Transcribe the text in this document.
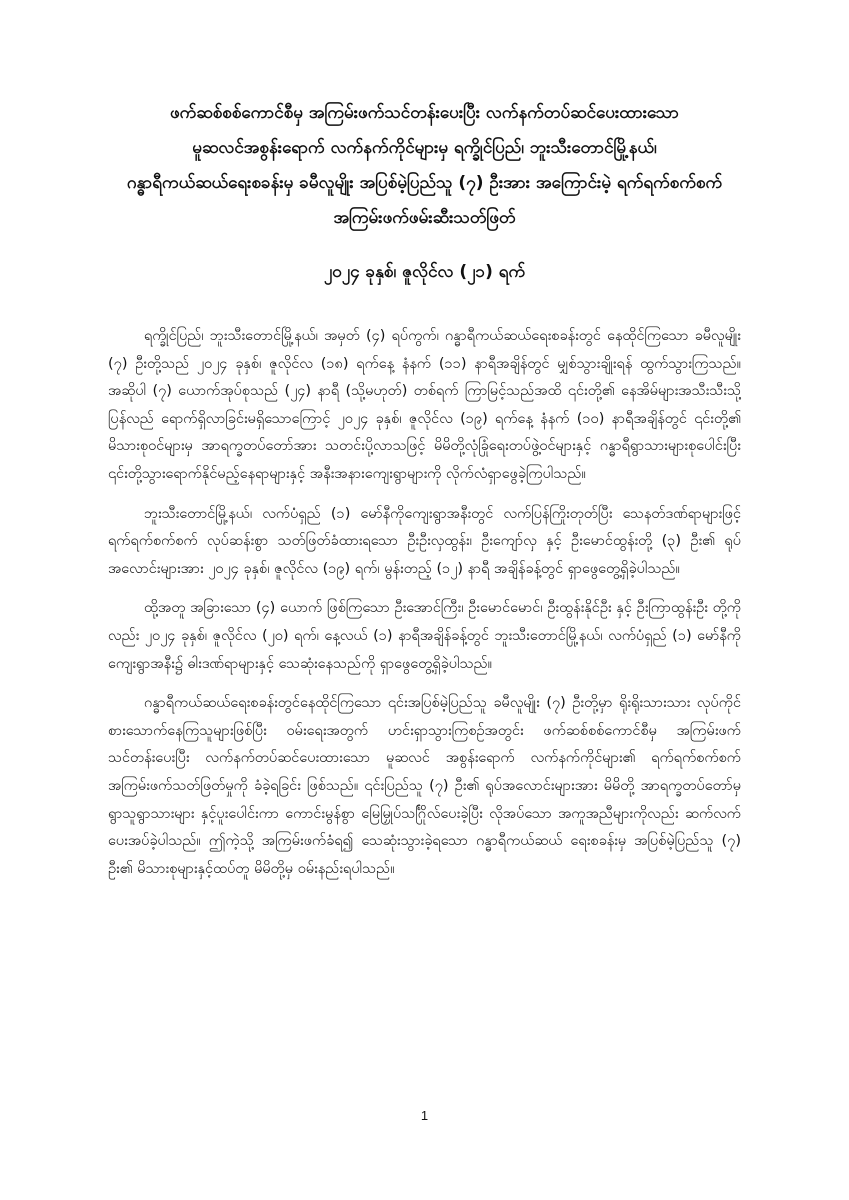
ဖက်ဆစ်စစ်ကောင်စီမှ အကြမ်းဖက်သင်တန်းပေးပြီး လက်နက်တပ်ဆင်ပေးထားသော
မူဆလင်အစွန်းရောက် လက်နက်ကိုင်များမှ ရက္ခိုင်ပြည်၊ ဘူးသီးတောင်မြို့နယ်၊
ဂန္ဓာရီကယ်ဆယ်ရေးစခန်းမှ ခမီလူမျိုး အပြစ်မဲ့ပြည်သူ (၇) ဦးအား အကြောင်းမဲ့ ရက်ရက်စက်စက်
အကြမ်းဖက်ဖမ်းဆီးသတ်ဖြတ်
၂၀၂၄ ခုနှစ်၊ ဇူလိုင်လ (၂၁) ရက်

ရက္ခိုင်ပြည်၊ ဘူးသီးတောင်မြို့နယ်၊ အမှတ် (၄) ရပ်ကွက်၊ ဂန္ဓာရီကယ်ဆယ်ရေးစခန်းတွင် နေထိုင်ကြသော ခမီလူမျိုး (၇) ဦးတို့သည် ၂၀၂၄ ခုနှစ်၊ ဇူလိုင်လ (၁၈) ရက်နေ့ နံနက် (၁၁) နာရီအချိန်တွင် မျှစ်သွားချိုးရန် ထွက်သွားကြသည်။ အဆိုပါ (၇) ယောက်အုပ်စုသည် (၂၄) နာရီ (သို့မဟုတ်) တစ်ရက် ကြာမြင့်သည်အထိ ၎င်းတို့၏ နေအိမ်များအသီးသီးသို့ ပြန်လည် ရောက်ရှိလာခြင်းမရှိသောကြောင့် ၂၀၂၄ ခုနှစ်၊ ဇူလိုင်လ (၁၉) ရက်နေ့ နံနက် (၁၀) နာရီအချိန်တွင် ၎င်းတို့၏ မိသားစုဝင်များမှ အာရက္ခတပ်တော်အား သတင်းပို့လာသဖြင့် မိမိတို့လုံခြုံရေးတပ်ဖွဲ့ဝင်များနှင့် ဂန္ဓာရီရွာသားများစုပေါင်းပြီး ၎င်းတို့သွားရောက်နိုင်မည့်နေရာများနှင့် အနီးအနားကျေးရွာများကို လိုက်လံရှာဖွေခဲ့ကြပါသည်။

ဘူးသီးတောင်မြို့နယ်၊ လက်ပံရှည် (၁) မော်နီကိုကျေးရွာအနီးတွင် လက်ပြန်ကြိုးတုတ်ပြီး သေနတ်ဒဏ်ရာများဖြင့် ရက်ရက်စက်စက် လုပ်ဆန်းစွာ သတ်ဖြတ်ခံထားရသော ဦးဦးလှထွန်း၊ ဦးကျော်လှ နှင့် ဦးမောင်ထွန်းတို့ (၃) ဦး၏ ရုပ်အလောင်းများအား ၂၀၂၄ ခုနှစ်၊ ဇူလိုင်လ (၁၉) ရက်၊ မွန်းတည့် (၁၂) နာရီ အချိန်ခန့်တွင် ရှာဖွေတွေ့ရှိခဲ့ပါသည်။

ထို့အတူ အခြားသော (၄) ယောက် ဖြစ်ကြသော ဦးအောင်ကြီး၊ ဦးမောင်မောင်၊ ဦးထွန်းနိုင်ဦး နှင့် ဦးကြာထွန်းဦး တို့ကိုလည်း ၂၀၂၄ ခုနှစ်၊ ဇူလိုင်လ (၂၀) ရက်၊ နေ့လယ် (၁) နာရီအချိန်ခန့်တွင် ဘူးသီးတောင်မြို့နယ်၊ လက်ပံရှည် (၁) မော်နီကိုကျေးရွာအနီး၌ ဓါးဒဏ်ရာများနှင့် သေဆုံးနေသည်ကို ရှာဖွေတွေ့ရှိခဲ့ပါသည်။

ဂန္ဓာရီကယ်ဆယ်ရေးစခန်းတွင်နေထိုင်ကြသော ၎င်းအပြစ်မဲ့ပြည်သူ ခမီလူမျိုး (၇) ဦးတို့မှာ ရိုးရိုးသားသား လုပ်ကိုင်စားသောက်နေကြသူများဖြစ်ပြီး ဝမ်းရေးအတွက် ဟင်းရှာသွားကြစဉ်အတွင်း ဖက်ဆစ်စစ်ကောင်စီမှ အကြမ်းဖက်သင်တန်းပေးပြီး လက်နက်တပ်ဆင်ပေးထားသော မူဆလင် အစွန်းရောက် လက်နက်ကိုင်များ၏ ရက်ရက်စက်စက် အကြမ်းဖက်သတ်ဖြတ်မှုကို ခံခဲ့ရခြင်း ဖြစ်သည်။ ၎င်းပြည်သူ (၇) ဦး၏ ရုပ်အလောင်းများအား မိမိတို့ အာရက္ခတပ်တော်မှ ရွာသူရွာသားများ နှင့်ပူးပေါင်းကာ ကောင်းမွန်စွာ မြေမြှုပ်သင်္ဂြိုလ်ပေးခဲ့ပြီး လိုအပ်သော အကူအညီများကိုလည်း ဆက်လက်ပေးအပ်ခဲ့ပါသည်။ ဤကဲ့သို့ အကြမ်းဖက်ခံရ၍ သေဆုံးသွားခဲ့ရသော ဂန္ဓာရီကယ်ဆယ် ရေးစခန်းမှ အပြစ်မဲ့ပြည်သူ (၇) ဦး၏ မိသားစုများနှင့်ထပ်တူ မိမိတို့မှ ဝမ်းနည်းရပါသည်။

1
